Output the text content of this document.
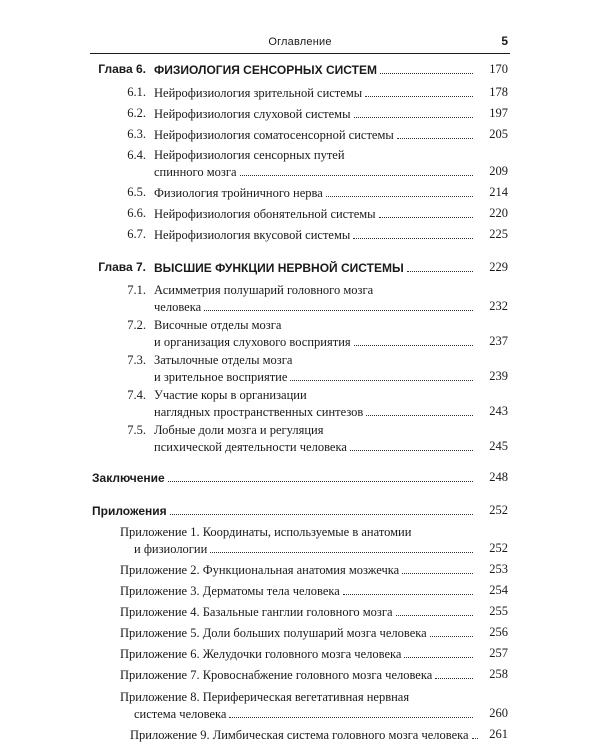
Оглавление	5
Глава 6. ФИЗИОЛОГИЯ СЕНСОРНЫХ СИСТЕМ	170
6.1. Нейрофизиология зрительной системы	178
6.2. Нейрофизиология слуховой системы	197
6.3. Нейрофизиология соматосенсорной системы	205
6.4. Нейрофизиология сенсорных путей
спинного мозга	209
6.5. Физиология тройничного нерва	214
6.6. Нейрофизиология обонятельной системы	220
6.7. Нейрофизиология вкусовой системы	225
Глава 7. ВЫСШИЕ ФУНКЦИИ НЕРВНОЙ СИСТЕМЫ	229
7.1. Асимметрия полушарий головного мозга
человека	232
7.2. Височные отделы мозга
и организация слухового восприятия	237
7.3. Затылочные отделы мозга
и зрительное восприятие	239
7.4. Участие коры в организации
наглядных пространственных синтезов	243
7.5. Лобные доли мозга и регуляция
психической деятельности человека	245
Заключение	248
Приложения	252
Приложение 1. Координаты, используемые в анатомии
и физиологии	252
Приложение 2. Функциональная анатомия мозжечка	253
Приложение 3. Дерматомы тела человека	254
Приложение 4. Базальные ганглии головного мозга	255
Приложение 5. Доли больших полушарий мозга человека	256
Приложение 6. Желудочки головного мозга человека	257
Приложение 7. Кровоснабжение головного мозга человека	258
Приложение 8. Периферическая вегетативная нервная
система человека	260
Приложение 9. Лимбическая система головного мозга человека	261
